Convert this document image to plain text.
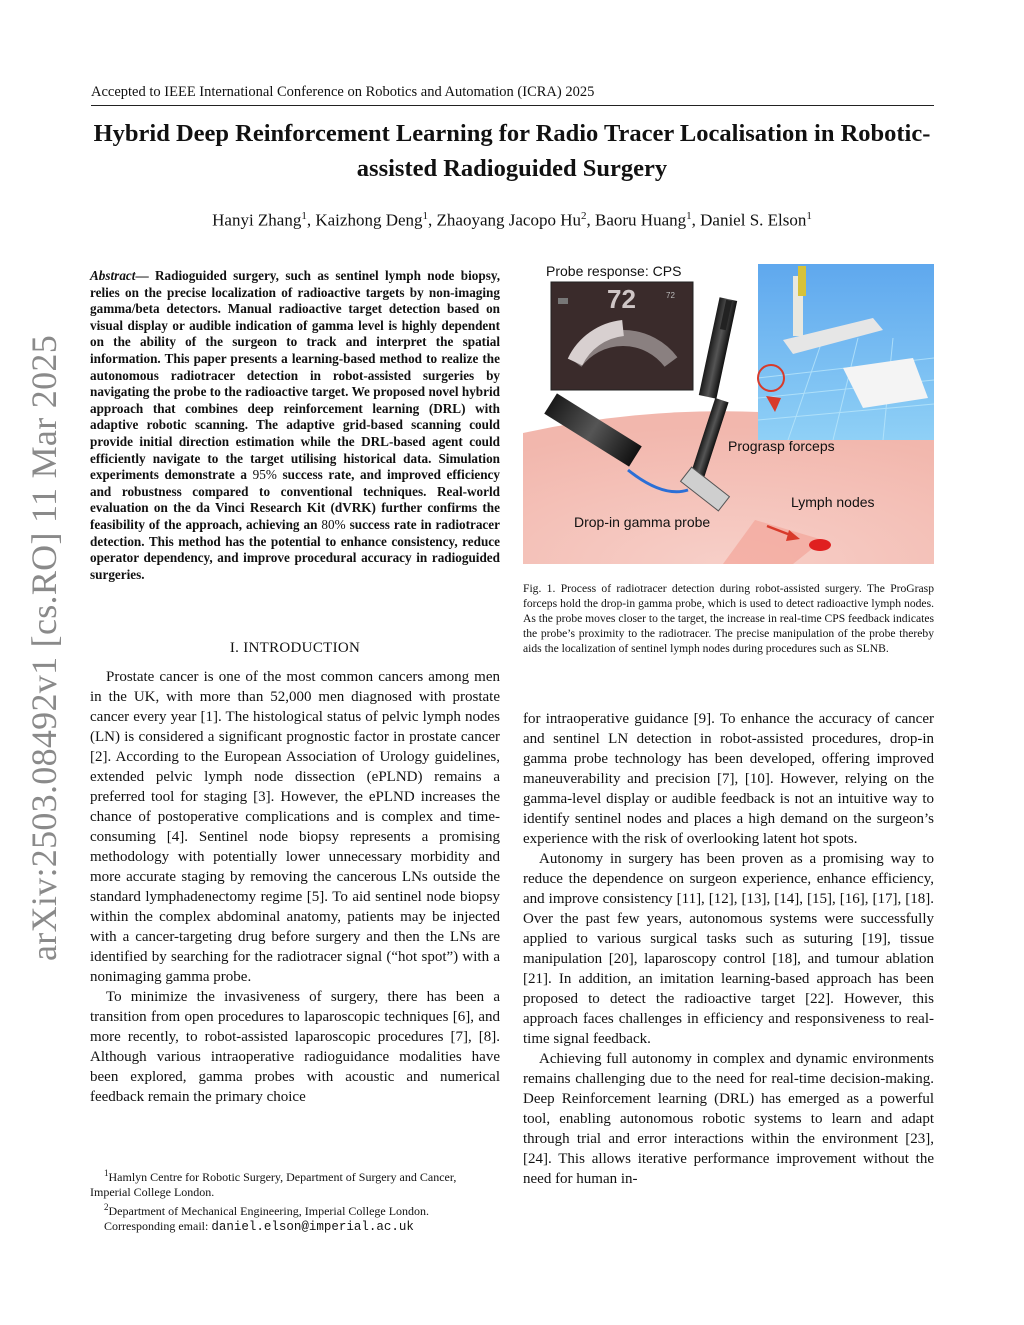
Accepted to IEEE International Conference on Robotics and Automation (ICRA) 2025
Hybrid Deep Reinforcement Learning for Radio Tracer Localisation in Robotic-assisted Radioguided Surgery
Hanyi Zhang$^1$, Kaizhong Deng$^1$, Zhaoyang Jacopo Hu$^2$, Baoru Huang$^1$, Daniel S. Elson$^1$
arXiv:2503.08492v1 [cs.RO] 11 Mar 2025
Abstract— Radioguided surgery, such as sentinel lymph node biopsy, relies on the precise localization of radioactive targets by non-imaging gamma/beta detectors. Manual radioactive target detection based on visual display or audible indication of gamma level is highly dependent on the ability of the surgeon to track and interpret the spatial information. This paper presents a learning-based method to realize the autonomous radiotracer detection in robot-assisted surgeries by navigating the probe to the radioactive target. We proposed novel hybrid approach that combines deep reinforcement learning (DRL) with adaptive robotic scanning. The adaptive grid-based scanning could provide initial direction estimation while the DRL-based agent could efficiently navigate to the target utilising historical data. Simulation experiments demonstrate a 95% success rate, and improved efficiency and robustness compared to conventional techniques. Real-world evaluation on the da Vinci Research Kit (dVRK) further confirms the feasibility of the approach, achieving an 80% success rate in radiotracer detection. This method has the potential to enhance consistency, reduce operator dependency, and improve procedural accuracy in radioguided surgeries.
I. INTRODUCTION

Prostate cancer is one of the most common cancers among men in the UK, with more than 52,000 men diagnosed with prostate cancer every year [1]. The histological status of pelvic lymph nodes (LN) is considered a significant prognostic factor in prostate cancer [2]. According to the European Association of Urology guidelines, extended pelvic lymph node dissection (ePLND) remains a preferred tool for staging [3]. However, the ePLND increases the chance of postoperative complications and is complex and time-consuming [4]. Sentinel node biopsy represents a promising methodology with potentially lower unnecessary morbidity and more accurate staging by removing the cancerous LNs outside the standard lymphadenectomy regime [5]. To aid sentinel node biopsy within the complex abdominal anatomy, patients may be injected with a cancer-targeting drug before surgery and then the LNs are identified by searching for the radiotracer signal (“hot spot”) with a nonimaging gamma probe.

To minimize the invasiveness of surgery, there has been a transition from open procedures to laparoscopic techniques [6], and more recently, to robot-assisted laparoscopic procedures [7], [8]. Although various intraoperative radioguidance modalities have been explored, gamma probes with acoustic and numerical feedback remain the primary choice

$^1$Hamlyn Centre for Robotic Surgery, Department of Surgery and Cancer, Imperial College London.

$^2$Department of Mechanical Engineering, Imperial College London.

Corresponding email: daniel.elson@imperial.ac.uk

Probe response: CPS
72	72
Prograsp forceps
Lymph nodes
Drop-in gamma probe
Fig. 1. Process of radiotracer detection during robot-assisted surgery. The ProGrasp forceps hold the drop-in gamma probe, which is used to detect radioactive lymph nodes. As the probe moves closer to the target, the increase in real-time CPS feedback indicates the probe’s proximity to the radiotracer. The precise manipulation of the probe thereby aids the localization of sentinel lymph nodes during procedures such as SLNB.

for intraoperative guidance [9]. To enhance the accuracy of cancer and sentinel LN detection in robot-assisted procedures, drop-in gamma probe technology has been developed, offering improved maneuverability and precision [7], [10]. However, relying on the gamma-level display or audible feedback is not an intuitive way to identify sentinel nodes and places a high demand on the surgeon’s experience with the risk of overlooking latent hot spots.

Autonomy in surgery has been proven as a promising way to reduce the dependence on surgeon experience, enhance efficiency, and improve consistency [11], [12], [13], [14], [15], [16], [17], [18]. Over the past few years, autonomous systems were successfully applied to various surgical tasks such as suturing [19], tissue manipulation [20], laparoscopy control [18], and tumour ablation [21]. In addition, an imitation learning-based approach has been proposed to detect the radioactive target [22]. However, this approach faces challenges in efficiency and responsiveness to real-time signal feedback.

Achieving full autonomy in complex and dynamic environments remains challenging due to the need for real-time decision-making. Deep Reinforcement learning (DRL) has emerged as a powerful tool, enabling autonomous robotic systems to learn and adapt through trial and error interactions within the environment [23], [24]. This allows iterative performance improvement without the need for human in-
